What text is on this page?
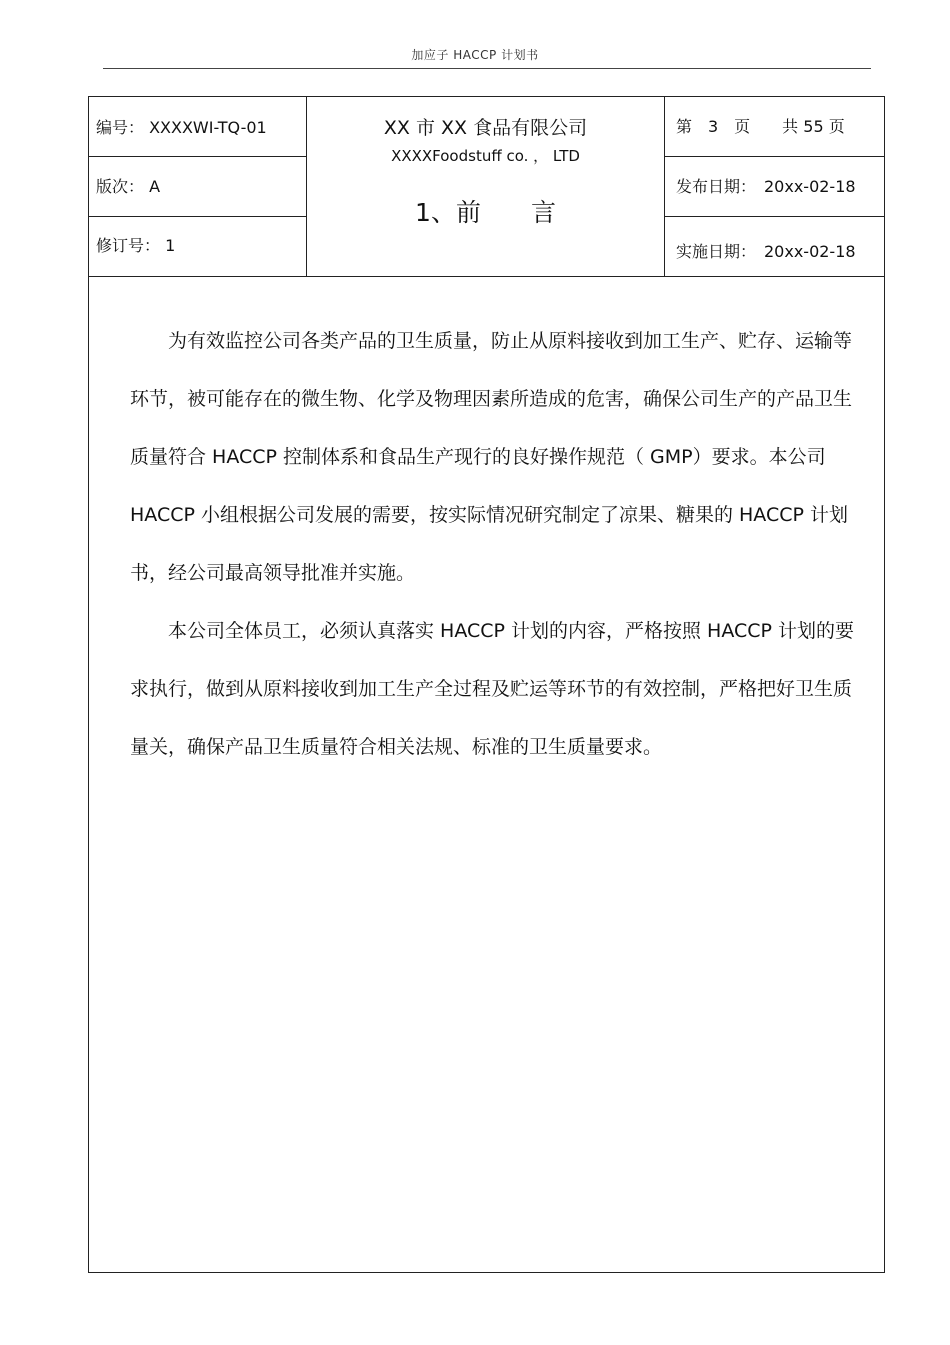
加应子 HACCP 计划书
编号： XXXXWI-TQ-01
版次： A
修订号： 1
XX 市 XX 食品有限公司
XXXXFoodstuff co. ， LTD
1、前　　言
第　3　页　　共 55 页
发布日期：　20xx-02-18
实施日期：　20xx-02-18

为有效监控公司各类产品的卫生质量，防止从原料接收到加工生产、贮存、运输等环节，被可能存在的微生物、化学及物理因素所造成的危害，确保公司生产的产品卫生质量符合 HACCP 控制体系和食品生产现行的良好操作规范（ GMP）要求。本公司 HACCP 小组根据公司发展的需要，按实际情况研究制定了凉果、糖果的 HACCP 计划书，经公司最高领导批准并实施。

本公司全体员工，必须认真落实 HACCP 计划的内容，严格按照 HACCP 计划的要求执行，做到从原料接收到加工生产全过程及贮运等环节的有效控制，严格把好卫生质量关，确保产品卫生质量符合相关法规、标准的卫生质量要求。
